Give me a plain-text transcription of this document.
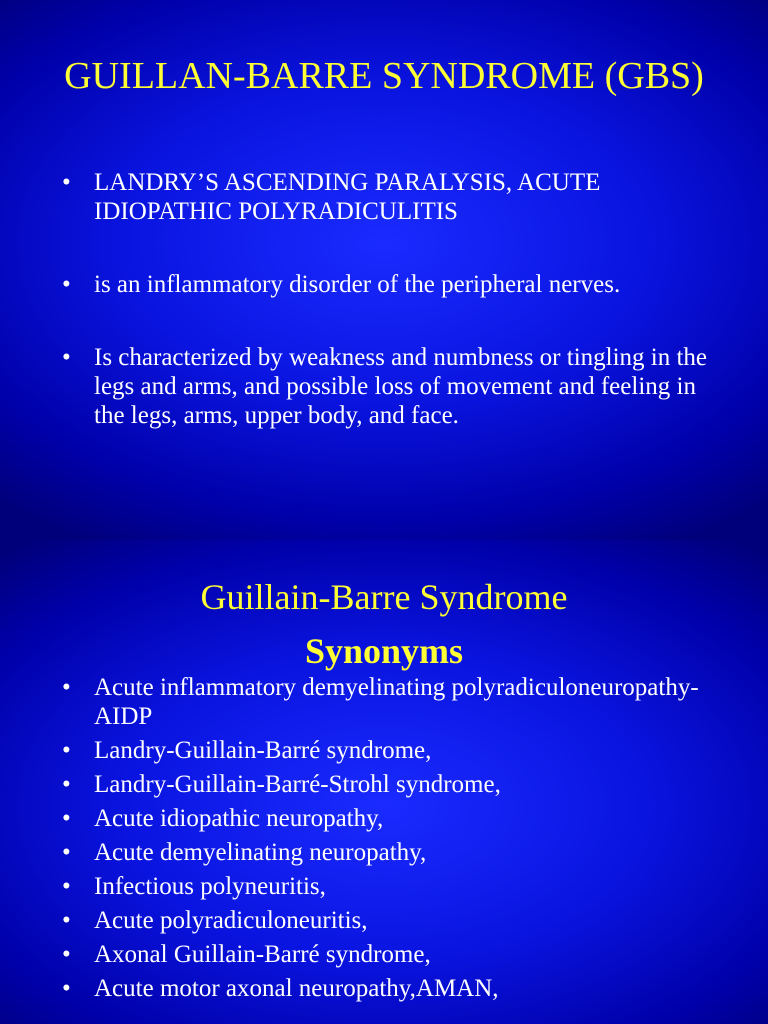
GUILLAN-BARRE SYNDROME (GBS)
• LANDRY’S ASCENDING PARALYSIS, ACUTE IDIOPATHIC POLYRADICULITIS
• is an inflammatory disorder of the peripheral nerves.
• Is characterized by weakness and numbness or tingling in the legs and arms, and possible loss of movement and feeling in the legs, arms, upper body, and face.
Guillain-Barre Syndrome
Synonyms
• Acute inflammatory demyelinating polyradiculoneuropathy-AIDP
• Landry-Guillain-Barré syndrome,
• Landry-Guillain-Barré-Strohl syndrome,
• Acute idiopathic neuropathy,
• Acute demyelinating neuropathy,
• Infectious polyneuritis,
• Acute polyradiculoneuritis,
• Axonal Guillain-Barré syndrome,
• Acute motor axonal neuropathy,AMAN,
